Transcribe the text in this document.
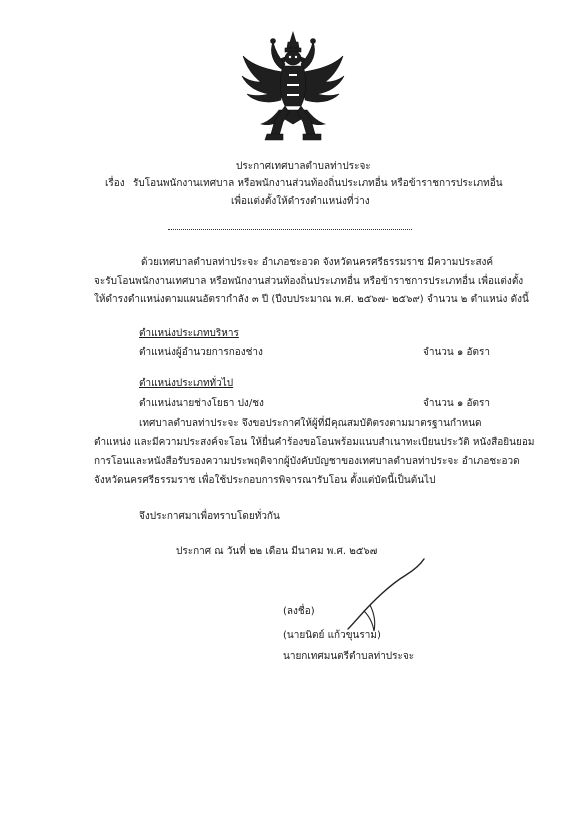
ประกาศเทศบาลตำบลท่าประจะ
เรื่อง รับโอนพนักงานเทศบาล หรือพนักงานส่วนท้องถิ่นประเภทอื่น หรือข้าราชการประเภทอื่น
เพื่อแต่งตั้งให้ดำรงตำแหน่งที่ว่าง
ด้วยเทศบาลตำบลท่าประจะ อำเภอชะอวด จังหวัดนครศรีธรรมราช มีความประสงค์
จะรับโอนพนักงานเทศบาล หรือพนักงานส่วนท้องถิ่นประเภทอื่น หรือข้าราชการประเภทอื่น เพื่อแต่งตั้ง
ให้ดำรงตำแหน่งตามแผนอัตรากำลัง ๓ ปี (ปีงบประมาณ พ.ศ. ๒๕๖๗- ๒๕๖๙) จำนวน ๒ ตำแหน่ง ดังนี้
ตำแหน่งประเภทบริหาร
ตำแหน่งผู้อำนวยการกองช่าง	จำนวน ๑ อัตรา
ตำแหน่งประเภททั่วไป
ตำแหน่งนายช่างโยธา ปง/ชง	จำนวน ๑ อัตรา
เทศบาลตำบลท่าประจะ จึงขอประกาศให้ผู้ที่มีคุณสมบัติตรงตามมาตรฐานกำหนด
ตำแหน่ง และมีความประสงค์จะโอน ให้ยื่นคำร้องขอโอนพร้อมแนบสำเนาทะเบียนประวัติ หนังสือยินยอม
การโอนและหนังสือรับรองความประพฤติจากผู้บังคับบัญชาของเทศบาลตำบลท่าประจะ อำเภอชะอวด
จังหวัดนครศรีธรรมราช เพื่อใช้ประกอบการพิจารณารับโอน ตั้งแต่บัดนี้เป็นต้นไป
จึงประกาศมาเพื่อทราบโดยทั่วกัน
ประกาศ ณ วันที่ ๒๒ เดือน มีนาคม พ.ศ. ๒๕๖๗
(ลงชื่อ)
(นายนิตย์ แก้วขุนราม)
นายกเทศมนตรีตำบลท่าประจะ
